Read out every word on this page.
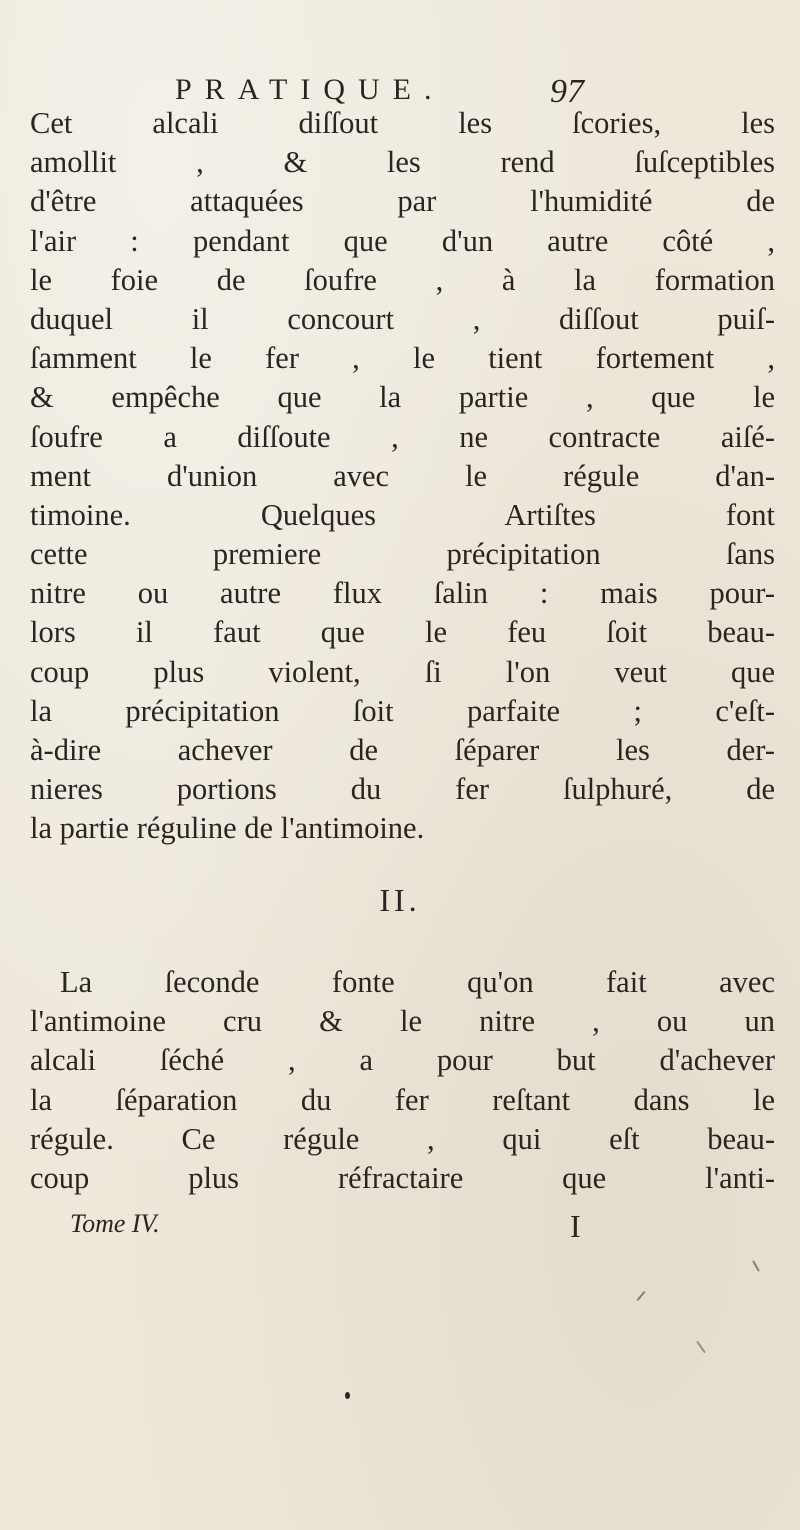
PRATIQUE.	97
Cet alcali diſſout les ſcories, les
amollit , & les rend ſuſceptibles
d'être attaquées par l'humidité de
l'air : pendant que d'un autre côté ,
le foie de ſoufre , à la formation
duquel il concourt , diſſout puiſ-
ſamment le fer , le tient fortement ,
& empêche que la partie , que le
ſoufre a diſſoute , ne contracte aiſé-
ment d'union avec le régule d'an-
timoine. Quelques Artiſtes font
cette premiere précipitation ſans
nitre ou autre flux ſalin : mais pour-
lors il faut que le feu ſoit beau-
coup plus violent, ſi l'on veut que
la précipitation ſoit parfaite ; c'eſt-
à-dire achever de ſéparer les der-
nieres portions du fer ſulphuré, de
la partie réguline de l'antimoine.
II.
La ſeconde fonte qu'on fait avec
l'antimoine cru & le nitre , ou un
alcali ſéché , a pour but d'achever
la ſéparation du fer reſtant dans le
régule. Ce régule , qui eſt beau-
coup plus réfractaire que l'anti-
Tome IV.	I
